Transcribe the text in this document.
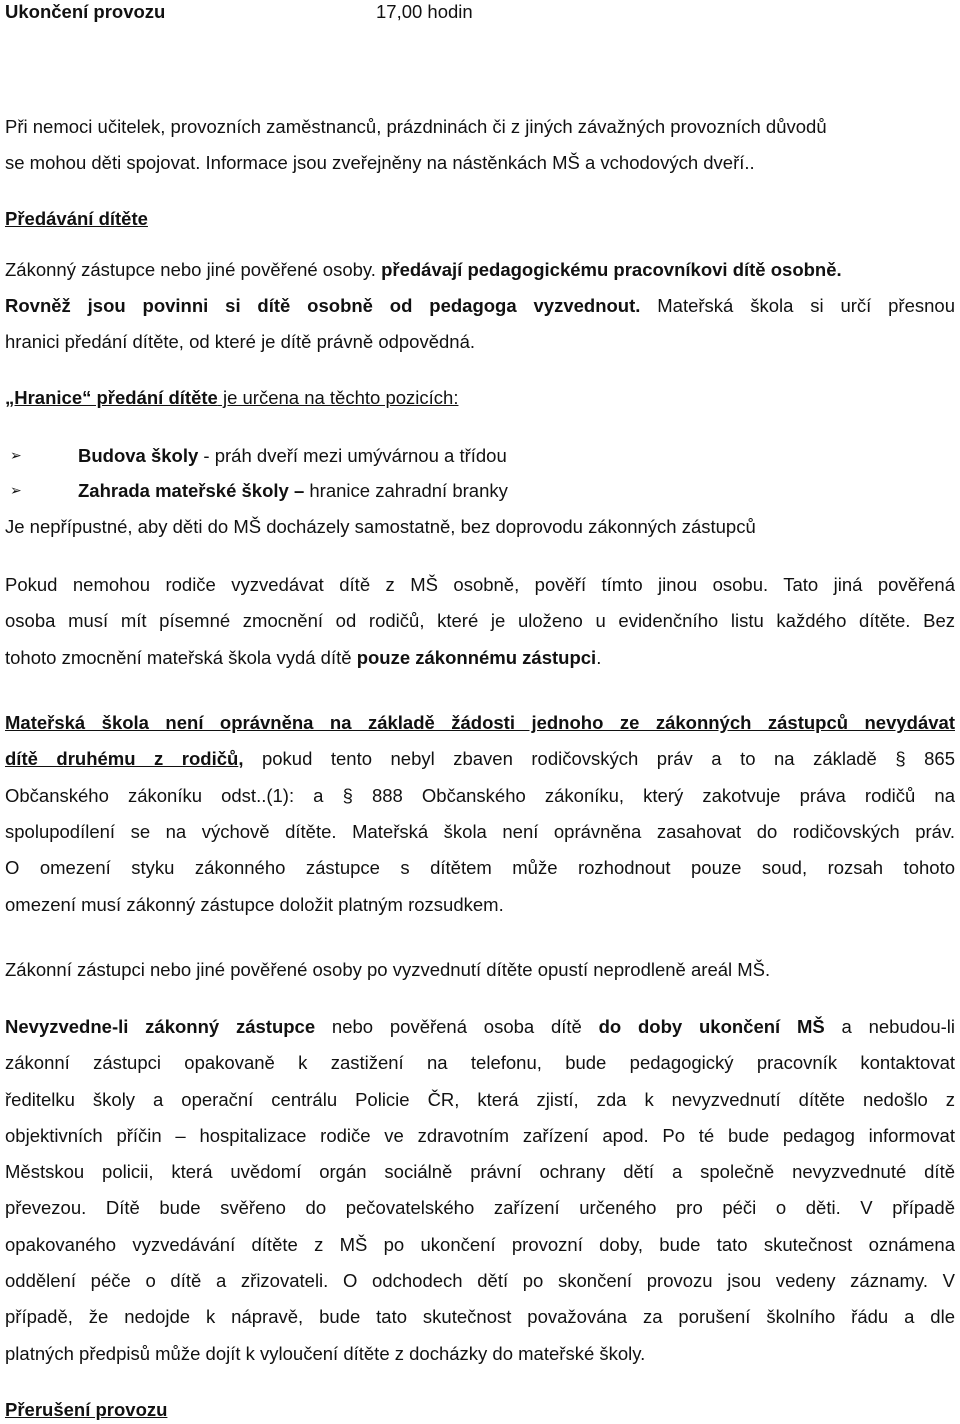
Ukončení provozu	17,00 hodin
Při nemoci učitelek, provozních zaměstnanců, prázdninách či z jiných závažných provozních důvodů
se mohou děti spojovat. Informace jsou zveřejněny na nástěnkách MŠ a vchodových dveří..
Předávání dítěte
Zákonný zástupce nebo jiné pověřené osoby. předávají pedagogickému pracovníkovi dítě osobně.
Rovněž jsou povinni si dítě osobně od pedagoga vyzvednout. Mateřská škola si určí přesnou
hranici předání dítěte, od které je dítě právně odpovědná.
„Hranice“ předání dítěte je určena na těchto pozicích:
➢	Budova školy - práh dveří mezi umývárnou a třídou
➢	Zahrada mateřské školy – hranice zahradní branky
Je nepřípustné, aby děti do MŠ docházely samostatně, bez doprovodu zákonných zástupců
Pokud nemohou rodiče vyzvedávat dítě z MŠ osobně, pověří tímto jinou osobu. Tato jiná pověřená
osoba musí mít písemné zmocnění od rodičů, které je uloženo u evidenčního listu každého dítěte. Bez
tohoto zmocnění mateřská škola vydá dítě pouze zákonnému zástupci.
Mateřská škola není oprávněna na základě žádosti jednoho ze zákonných zástupců nevydávat
dítě druhému z rodičů, pokud tento nebyl zbaven rodičovských práv a to na základě § 865
Občanského zákoníku odst..(1): a § 888 Občanského zákoníku, který zakotvuje práva rodičů na
spolupodílení se na výchově dítěte. Mateřská škola není oprávněna zasahovat do rodičovských práv.
O omezení styku zákonného zástupce s dítětem může rozhodnout pouze soud, rozsah tohoto
omezení musí zákonný zástupce doložit platným rozsudkem.
Zákonní zástupci nebo jiné pověřené osoby po vyzvednutí dítěte opustí neprodleně areál MŠ.
Nevyzvedne-li zákonný zástupce nebo pověřená osoba dítě do doby ukončení MŠ a nebudou-li
zákonní zástupci opakovaně k zastižení na telefonu, bude pedagogický pracovník kontaktovat
ředitelku školy a operační centrálu Policie ČR, která zjistí, zda k nevyzvednutí dítěte nedošlo z
objektivních příčin – hospitalizace rodiče ve zdravotním zařízení apod. Po té bude pedagog informovat
Městskou policii, která uvědomí orgán sociálně právní ochrany dětí a společně nevyzvednuté dítě
převezou. Dítě bude svěřeno do pečovatelského zařízení určeného pro péči o děti. V případě
opakovaného vyzvedávání dítěte z MŠ po ukončení provozní doby, bude tato skutečnost oznámena
oddělení péče o dítě a zřizovateli. O odchodech dětí po skončení provozu jsou vedeny záznamy. V
případě, že nedojde k nápravě, bude tato skutečnost považována za porušení školního řádu a dle
platných předpisů může dojít k vyloučení dítěte z docházky do mateřské školy.
Přerušení provozu
